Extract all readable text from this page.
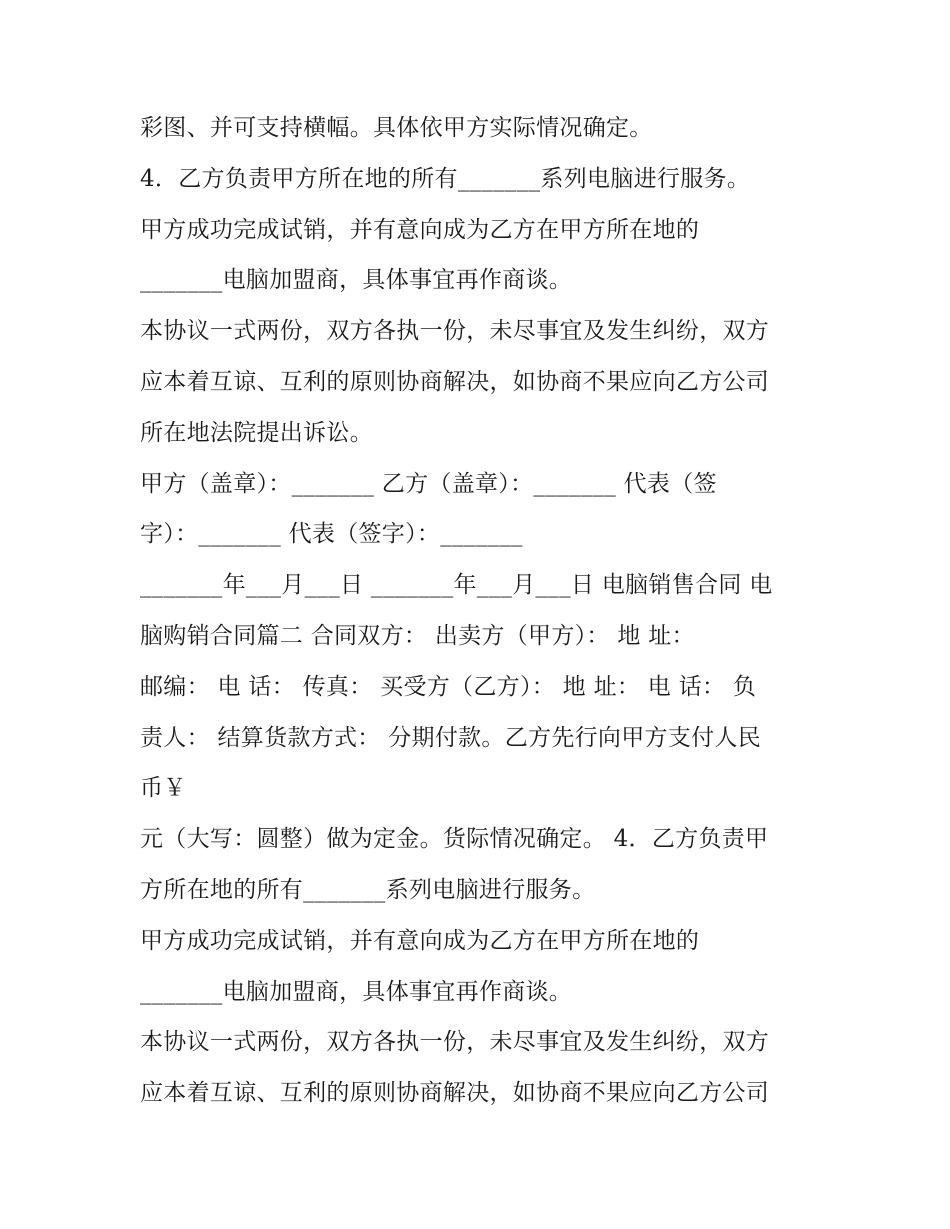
彩图、并可支持横幅。具体依甲方实际情况确定。
4．乙方负责甲方所在地的所有_______系列电脑进行服务。
甲方成功完成试销，并有意向成为乙方在甲方所在地的
_______电脑加盟商，具体事宜再作商谈。
本协议一式两份，双方各执一份，未尽事宜及发生纠纷，双方
应本着互谅、互利的原则协商解决，如协商不果应向乙方公司
所在地法院提出诉讼。
甲方（盖章）：_______ 乙方（盖章）：_______ 代表（签
字）：_______ 代表（签字）：_______
_______年___月___日 _______年___月___日 电脑销售合同 电
脑购销合同篇二 合同双方： 出卖方（甲方）： 地 址：
邮编： 电 话： 传真： 买受方（乙方）： 地 址： 电 话： 负
责人： 结算货款方式： 分期付款。乙方先行向甲方支付人民
币￥
元（大写：圆整）做为定金。货际情况确定。 4．乙方负责甲
方所在地的所有_______系列电脑进行服务。
甲方成功完成试销，并有意向成为乙方在甲方所在地的
_______电脑加盟商，具体事宜再作商谈。
本协议一式两份，双方各执一份，未尽事宜及发生纠纷，双方
应本着互谅、互利的原则协商解决，如协商不果应向乙方公司
